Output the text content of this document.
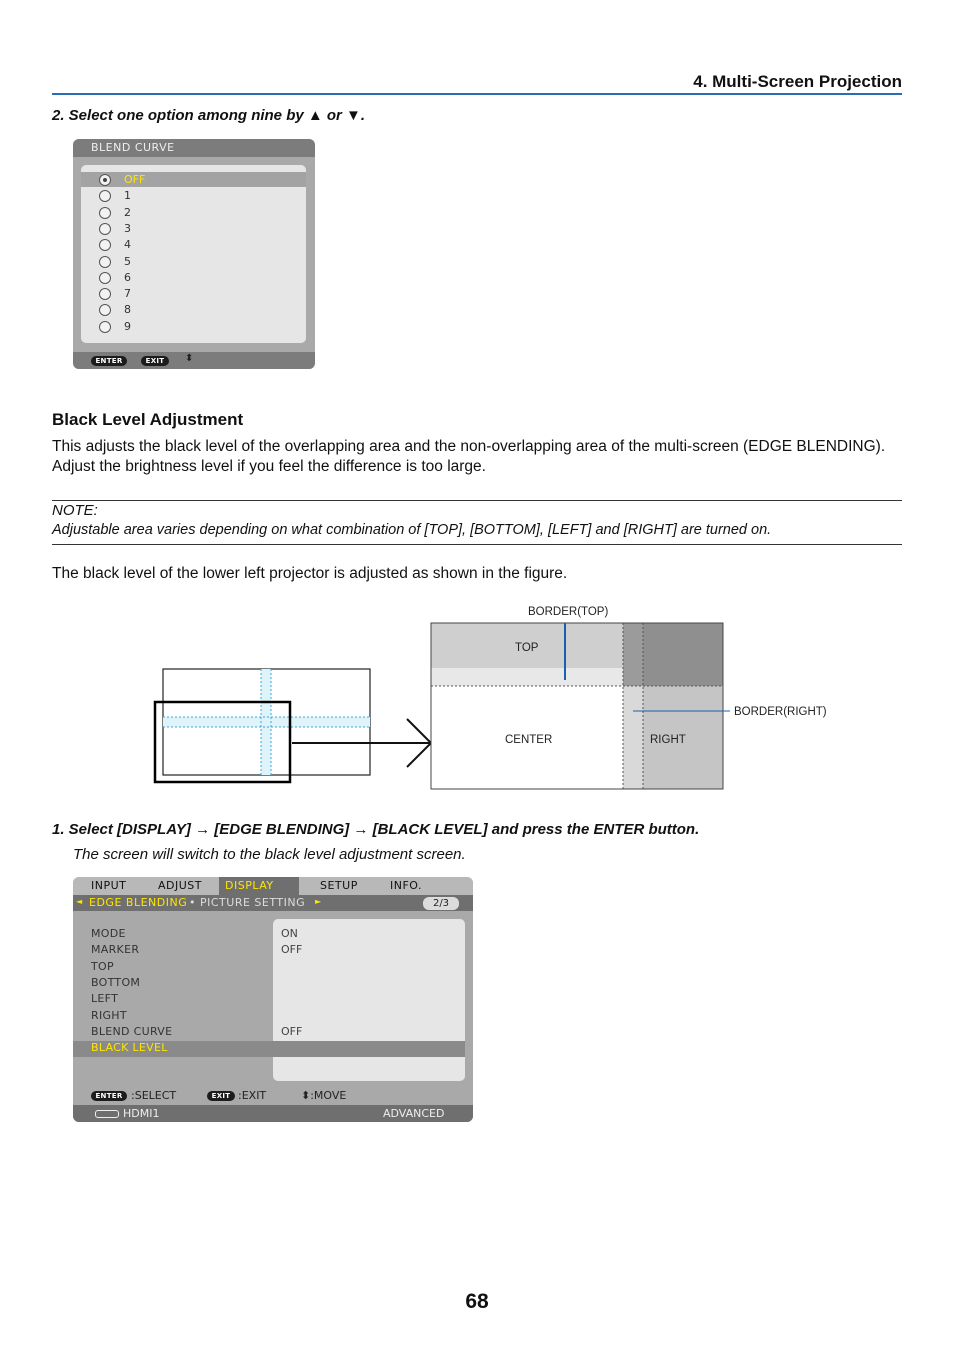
4. Multi-Screen Projection
2. Select one option among nine by ▲ or ▼.
BLEND CURVE
OFF
1
2
3
4
5
6
7
8
9
ENTER	EXIT	⬍
Black Level Adjustment
This adjusts the black level of the overlapping area and the non-overlapping area of the multi-screen (EDGE BLENDING). Adjust the brightness level if you feel the difference is too large.
NOTE:
Adjustable area varies depending on what combination of [TOP], [BOTTOM], [LEFT] and [RIGHT] are turned on.
The black level of the lower left projector is adjusted as shown in the figure.
BORDER(TOP)
TOP
CENTER	RIGHT
BORDER(RIGHT)
1. Select [DISPLAY] → [EDGE BLENDING] → [BLACK LEVEL] and press the ENTER button.
The screen will switch to the black level adjustment screen.
INPUT	ADJUST DISPLAY	SETUP	INFO.
◄ EDGE BLENDING • PICTURE SETTING ►	2/3
MODE	ON
MARKER	OFF
TOP
BOTTOM
LEFT
RIGHT
BLEND CURVE	OFF
BLACK LEVEL
ENTER :SELECT	EXIT :EXIT	⬍:MOVE
HDMI1	ADVANCED
68
